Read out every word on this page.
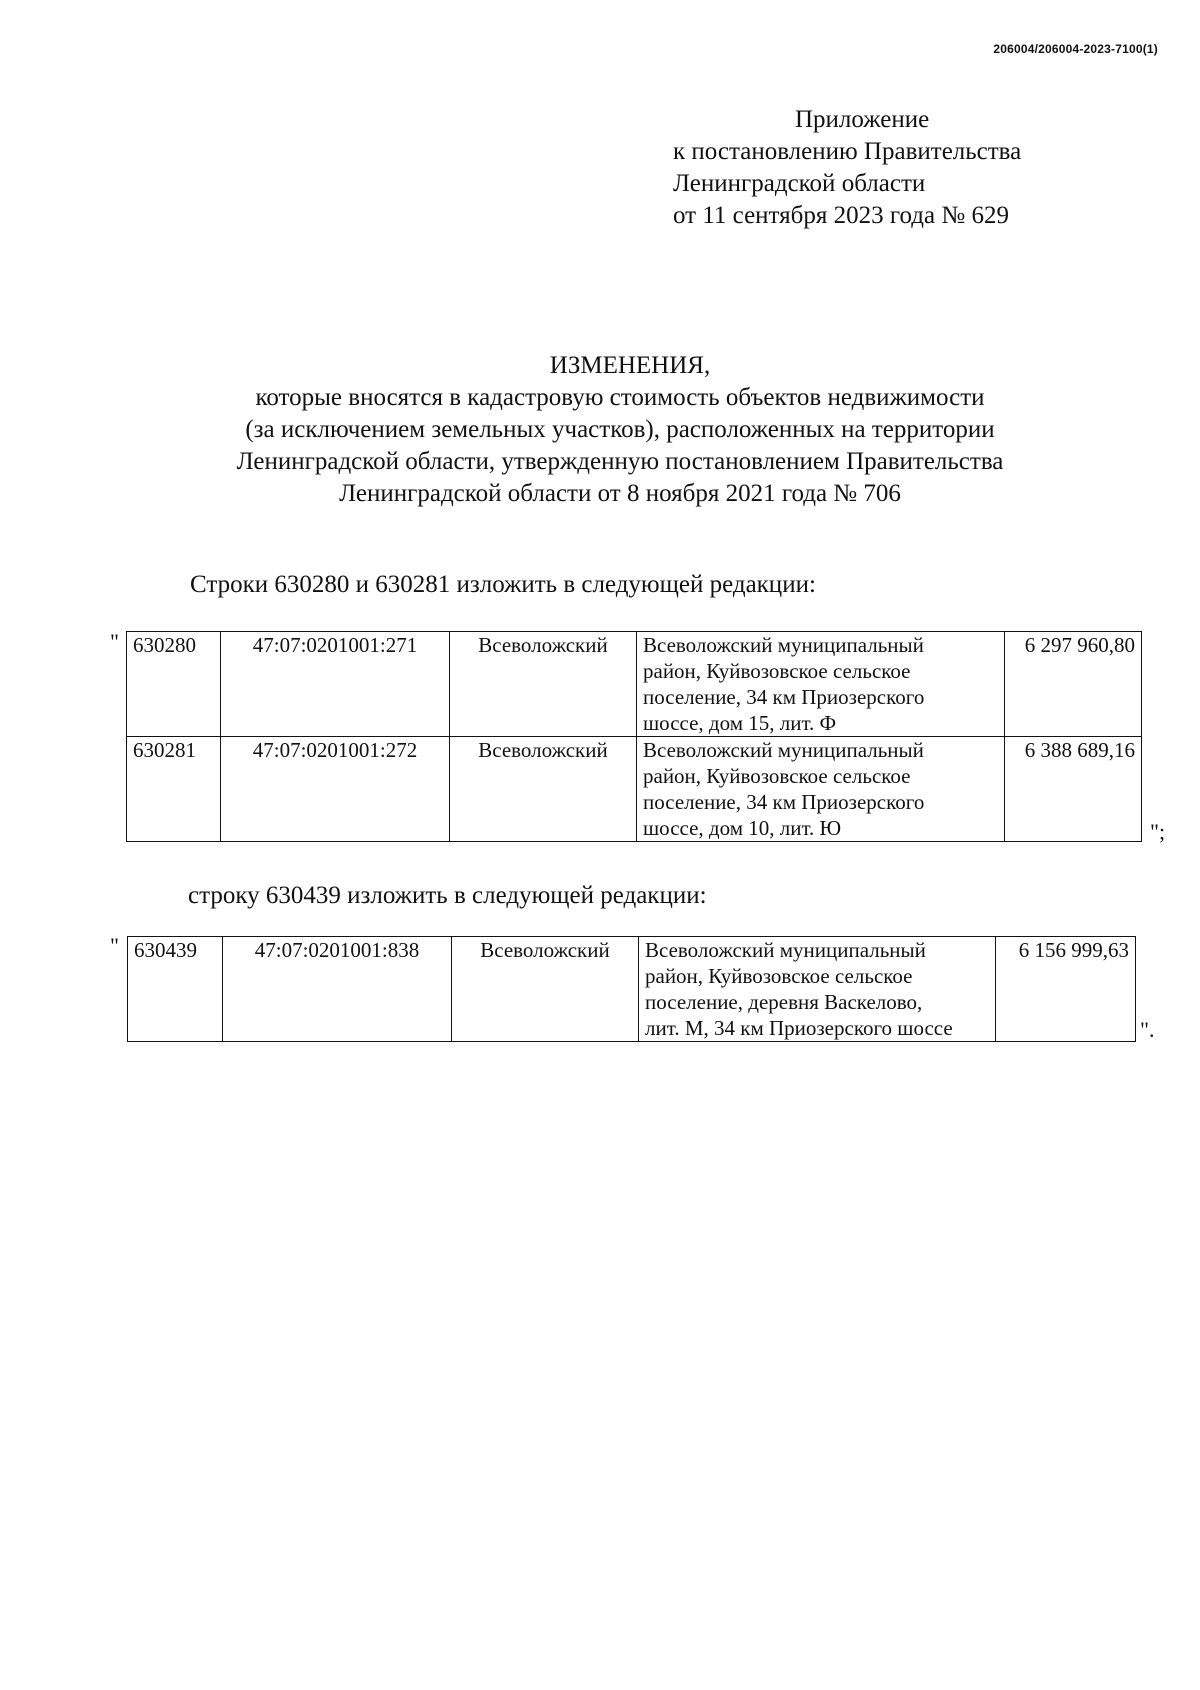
206004/206004-2023-7100(1)
Приложение
к постановлению Правительства
Ленинградской области
от 11 сентября 2023 года № 629
ИЗМЕНЕНИЯ,
которые вносятся в кадастровую стоимость объектов недвижимости
(за исключением земельных участков), расположенных на территории
Ленинградской области, утвержденную постановлением Правительства
Ленинградской области от 8 ноября 2021 года № 706
Строки 630280 и 630281 изложить в следующей редакции:
" 630280	47:07:0201001:271	Всеволожский	Всеволожский муниципальный
район, Куйвозовское сельское
поселение, 34 км Приозерского
шоссе, дом 15, лит. Ф	6 297 960,80
630281	47:07:0201001:272	Всеволожский	Всеволожский муниципальный
район, Куйвозовское сельское
поселение, 34 км Приозерского
шоссе, дом 10, лит. Ю	6 388 689,16
";
строку 630439 изложить в следующей редакции:
" 630439	47:07:0201001:838	Всеволожский	Всеволожский муниципальный
район, Куйвозовское сельское
поселение, деревня Васкелово,
лит. М, 34 км Приозерского шоссе
	6 156 999,63
".
